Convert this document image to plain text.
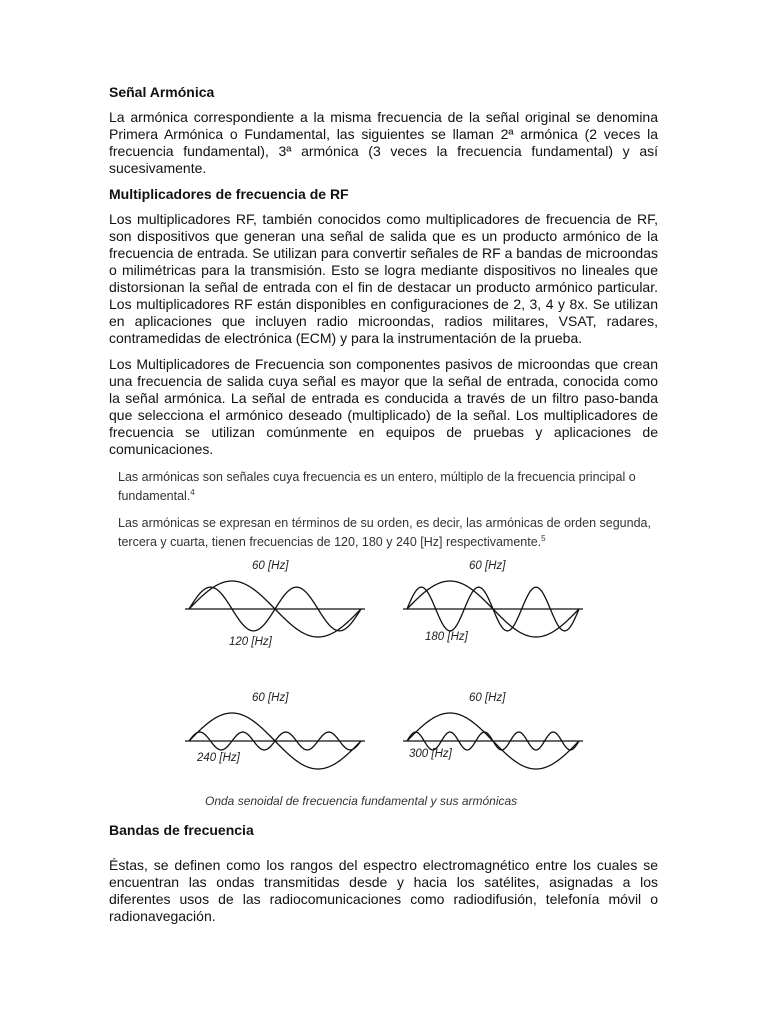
Señal Armónica

La armónica correspondiente a la misma frecuencia de la señal original se denomina Primera Armónica o Fundamental, las siguientes se llaman 2ª armónica (2 veces la frecuencia fundamental), 3ª armónica (3 veces la frecuencia fundamental) y así sucesivamente.

Multiplicadores de frecuencia de RF

Los multiplicadores RF, también conocidos como multiplicadores de frecuencia de RF, son dispositivos que generan una señal de salida que es un producto armónico de la frecuencia de entrada. Se utilizan para convertir señales de RF a bandas de microondas o milimétricas para la transmisión. Esto se logra mediante dispositivos no lineales que distorsionan la señal de entrada con el fin de destacar un producto armónico particular. Los multiplicadores RF están disponibles en configuraciones de 2, 3, 4 y 8x. Se utilizan en aplicaciones que incluyen radio microondas, radios militares, VSAT, radares, contramedidas de electrónica (ECM) y para la instrumentación de la prueba.

Los Multiplicadores de Frecuencia son componentes pasivos de microondas que crean una frecuencia de salida cuya señal es mayor que la señal de entrada, conocida como la señal armónica. La señal de entrada es conducida a través de un filtro paso-banda que selecciona el armónico deseado (multiplicado) de la señal. Los multiplicadores de frecuencia se utilizan comúnmente en equipos de pruebas y aplicaciones de comunicaciones.

Las armónicas son señales cuya frecuencia es un entero, múltiplo de la frecuencia principal o fundamental.$^4$
Las armónicas se expresan en términos de su orden, es decir, las armónicas de orden segunda, tercera y cuarta, tienen frecuencias de 120, 180 y 240 [Hz] respectivamente.$^5$
60 [Hz]
120 [Hz]
60 [Hz]
180 [Hz]
60 [Hz]
240 [Hz]
60 [Hz]
300 [Hz]
Onda senoidal de frecuencia fundamental y sus armónicas
Bandas de frecuencia

Éstas, se definen como los rangos del espectro electromagnético entre los cuales se encuentran las ondas transmitidas desde y hacia los satélites, asignadas a los diferentes usos de las radiocomunicaciones como radiodifusión, telefonía móvil o radionavegación.
